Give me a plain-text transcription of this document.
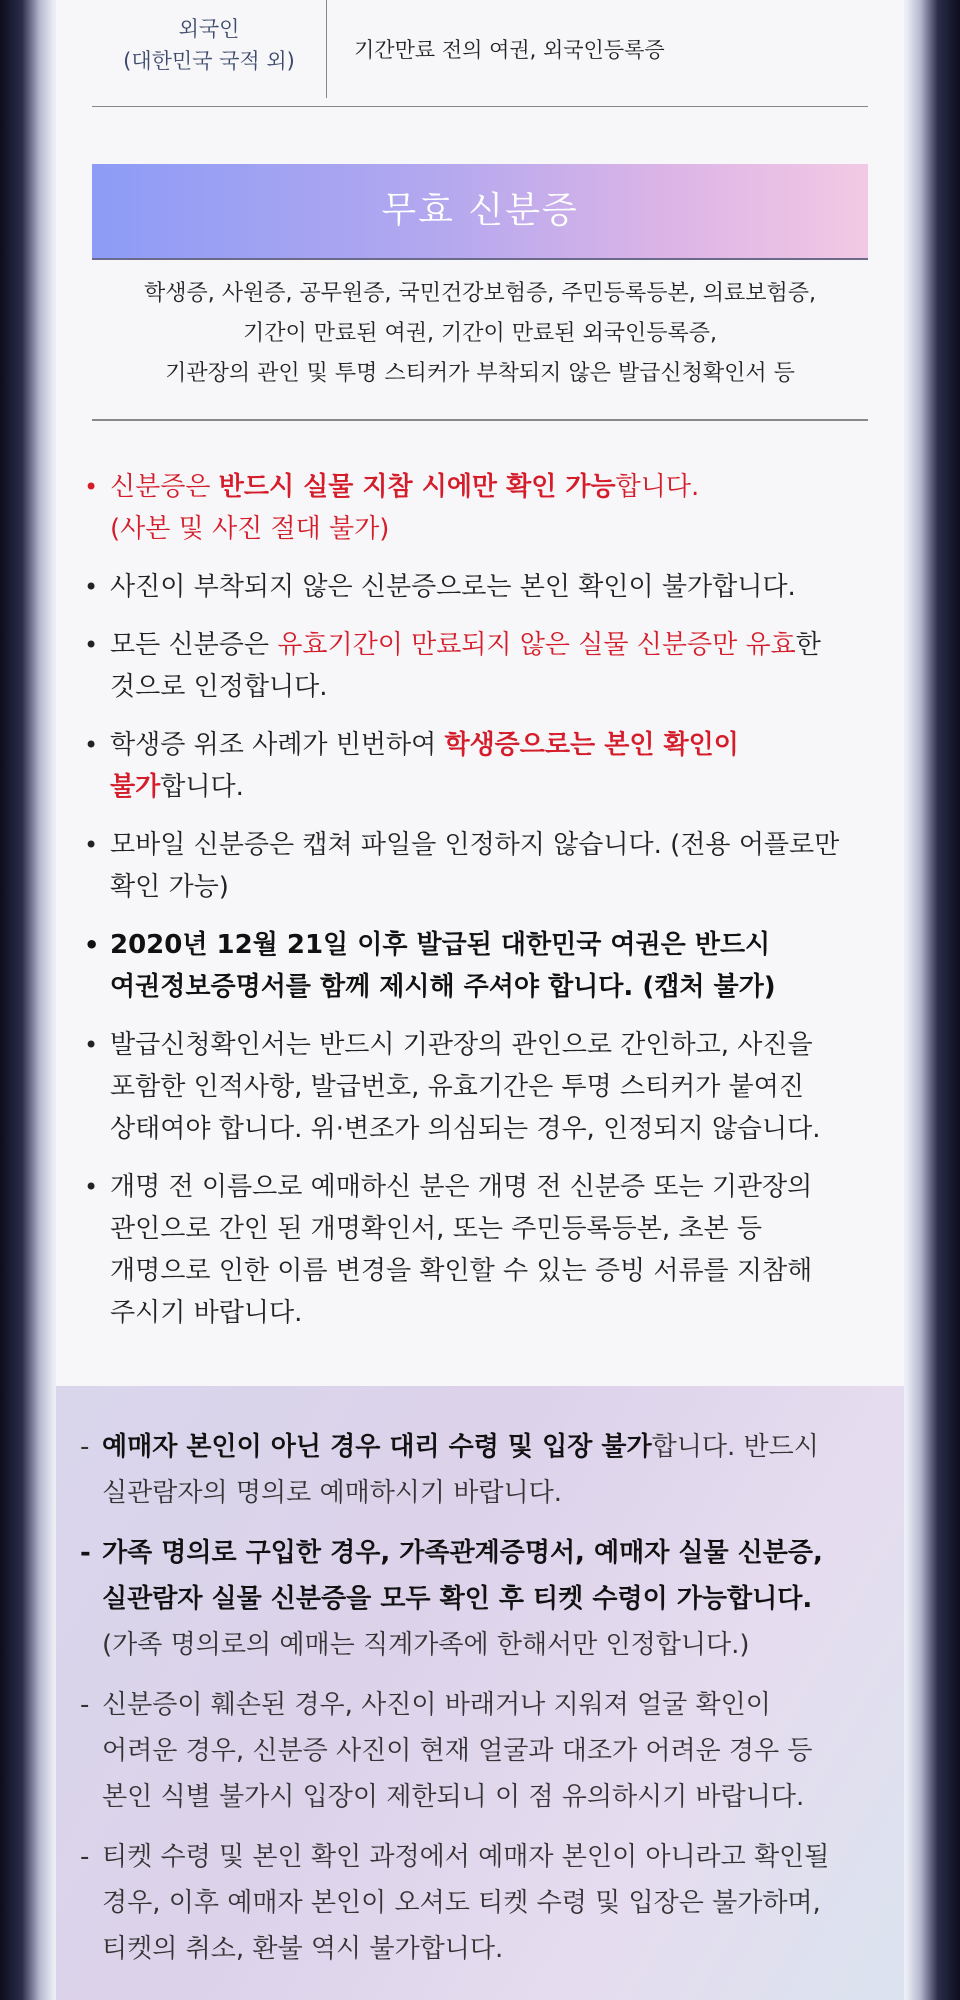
외국인
(대한민국 국적 외)	기간만료 전의 여권, 외국인등록증
무효 신분증
학생증, 사원증, 공무원증, 국민건강보험증, 주민등록등본, 의료보험증,
기간이 만료된 여권, 기간이 만료된 외국인등록증,
기관장의 관인 및 투명 스티커가 부착되지 않은 발급신청확인서 등
• 신분증은 반드시 실물 지참 시에만 확인 가능합니다.
(사본 및 사진 절대 불가)
• 사진이 부착되지 않은 신분증으로는 본인 확인이 불가합니다.
• 모든 신분증은 유효기간이 만료되지 않은 실물 신분증만 유효한
것으로 인정합니다.
• 학생증 위조 사례가 빈번하여 학생증으로는 본인 확인이
불가합니다.
• 모바일 신분증은 캡쳐 파일을 인정하지 않습니다. (전용 어플로만
확인 가능)
• 2020년 12월 21일 이후 발급된 대한민국 여권은 반드시
여권정보증명서를 함께 제시해 주셔야 합니다. (캡처 불가)
• 발급신청확인서는 반드시 기관장의 관인으로 간인하고, 사진을
포함한 인적사항, 발급번호, 유효기간은 투명 스티커가 붙여진
상태여야 합니다. 위·변조가 의심되는 경우, 인정되지 않습니다.
• 개명 전 이름으로 예매하신 분은 개명 전 신분증 또는 기관장의
관인으로 간인 된 개명확인서, 또는 주민등록등본, 초본 등
개명으로 인한 이름 변경을 확인할 수 있는 증빙 서류를 지참해
주시기 바랍니다.
- 예매자 본인이 아닌 경우 대리 수령 및 입장 불가합니다. 반드시
실관람자의 명의로 예매하시기 바랍니다.
- 가족 명의로 구입한 경우, 가족관계증명서, 예매자 실물 신분증,
실관람자 실물 신분증을 모두 확인 후 티켓 수령이 가능합니다.
(가족 명의로의 예매는 직계가족에 한해서만 인정합니다.)
- 신분증이 훼손된 경우, 사진이 바래거나 지워져 얼굴 확인이
어려운 경우, 신분증 사진이 현재 얼굴과 대조가 어려운 경우 등
본인 식별 불가시 입장이 제한되니 이 점 유의하시기 바랍니다.
- 티켓 수령 및 본인 확인 과정에서 예매자 본인이 아니라고 확인될
경우, 이후 예매자 본인이 오셔도 티켓 수령 및 입장은 불가하며,
티켓의 취소, 환불 역시 불가합니다.
